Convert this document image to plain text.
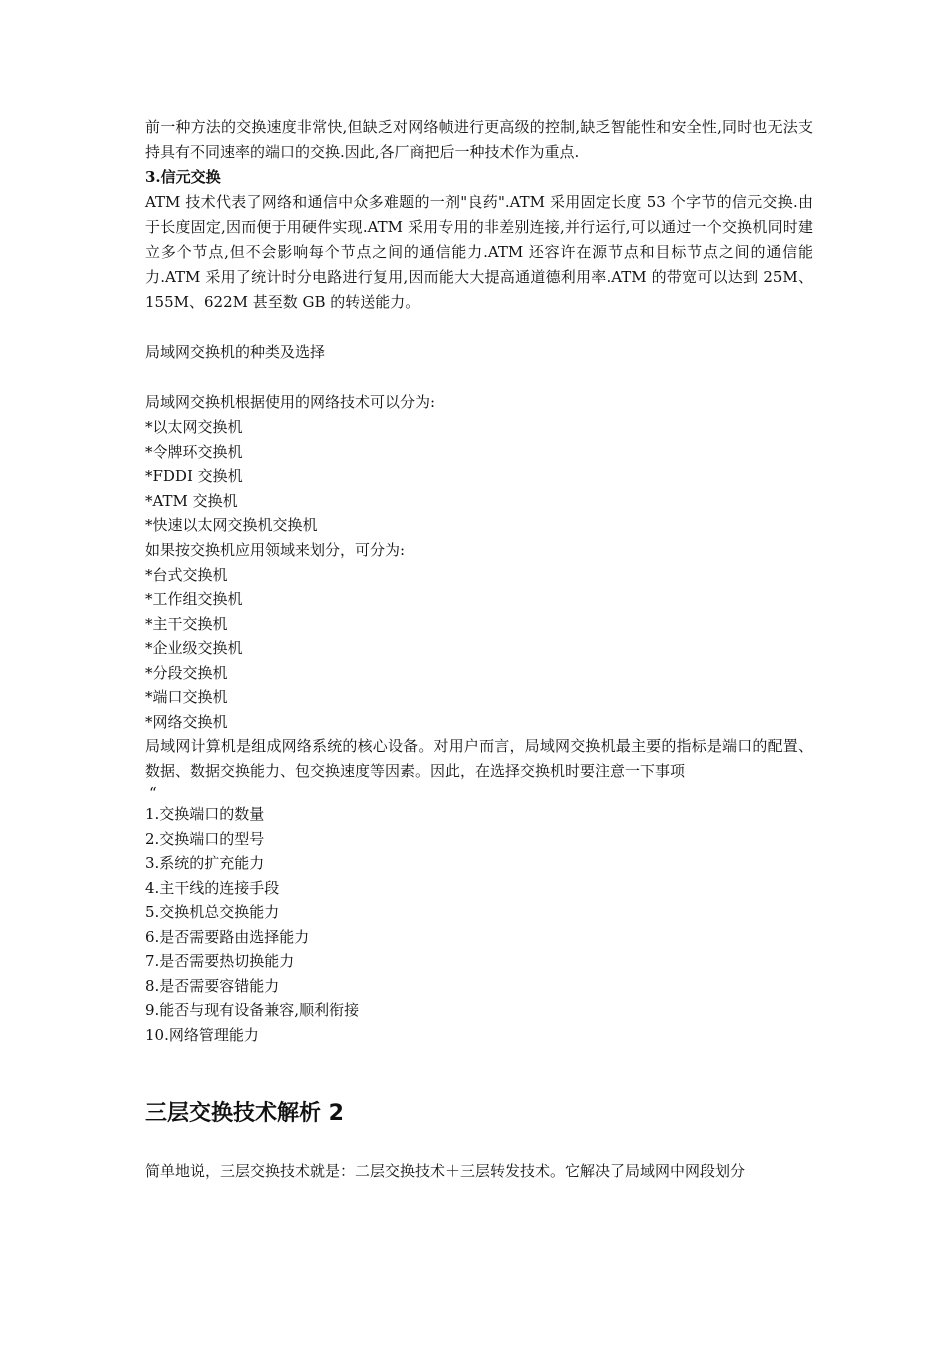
前一种方法的交换速度非常快,但缺乏对网络帧进行更高级的控制,缺乏智能性和安全性,同时也无法支持具有不同速率的端口的交换.因此,各厂商把后一种技术作为重点.

3.信元交换

ATM 技术代表了网络和通信中众多难题的一剂"良药".ATM 采用固定长度 53 个字节的信元交换.由于长度固定,因而便于用硬件实现.ATM 采用专用的非差别连接,并行运行,可以通过一个交换机同时建立多个节点,但不会影响每个节点之间的通信能力.ATM 还容许在源节点和目标节点之间的通信能力.ATM 采用了统计时分电路进行复用,因而能大大提高通道德利用率.ATM 的带宽可以达到 25M、155M、622M 甚至数 GB 的转送能力。

局域网交换机的种类及选择

局域网交换机根据使用的网络技术可以分为:

*以太网交换机
*令牌环交换机
*FDDI 交换机
*ATM 交换机
*快速以太网交换机交换机

如果按交换机应用领域来划分，可分为:

*台式交换机
*工作组交换机
*主干交换机
*企业级交换机
*分段交换机
*端口交换机
*网络交换机

局域网计算机是组成网络系统的核心设备。对用户而言，局域网交换机最主要的指标是端口的配置、数据、数据交换能力、包交换速度等因素。因此，在选择交换机时要注意一下事项

“

1.交换端口的数量
2.交换端口的型号
3.系统的扩充能力
4.主干线的连接手段
5.交换机总交换能力
6.是否需要路由选择能力
7.是否需要热切换能力
8.是否需要容错能力
9.能否与现有设备兼容,顺利衔接
10.网络管理能力
三层交换技术解析 2

简单地说，三层交换技术就是：二层交换技术＋三层转发技术。它解决了局域网中网段划分
